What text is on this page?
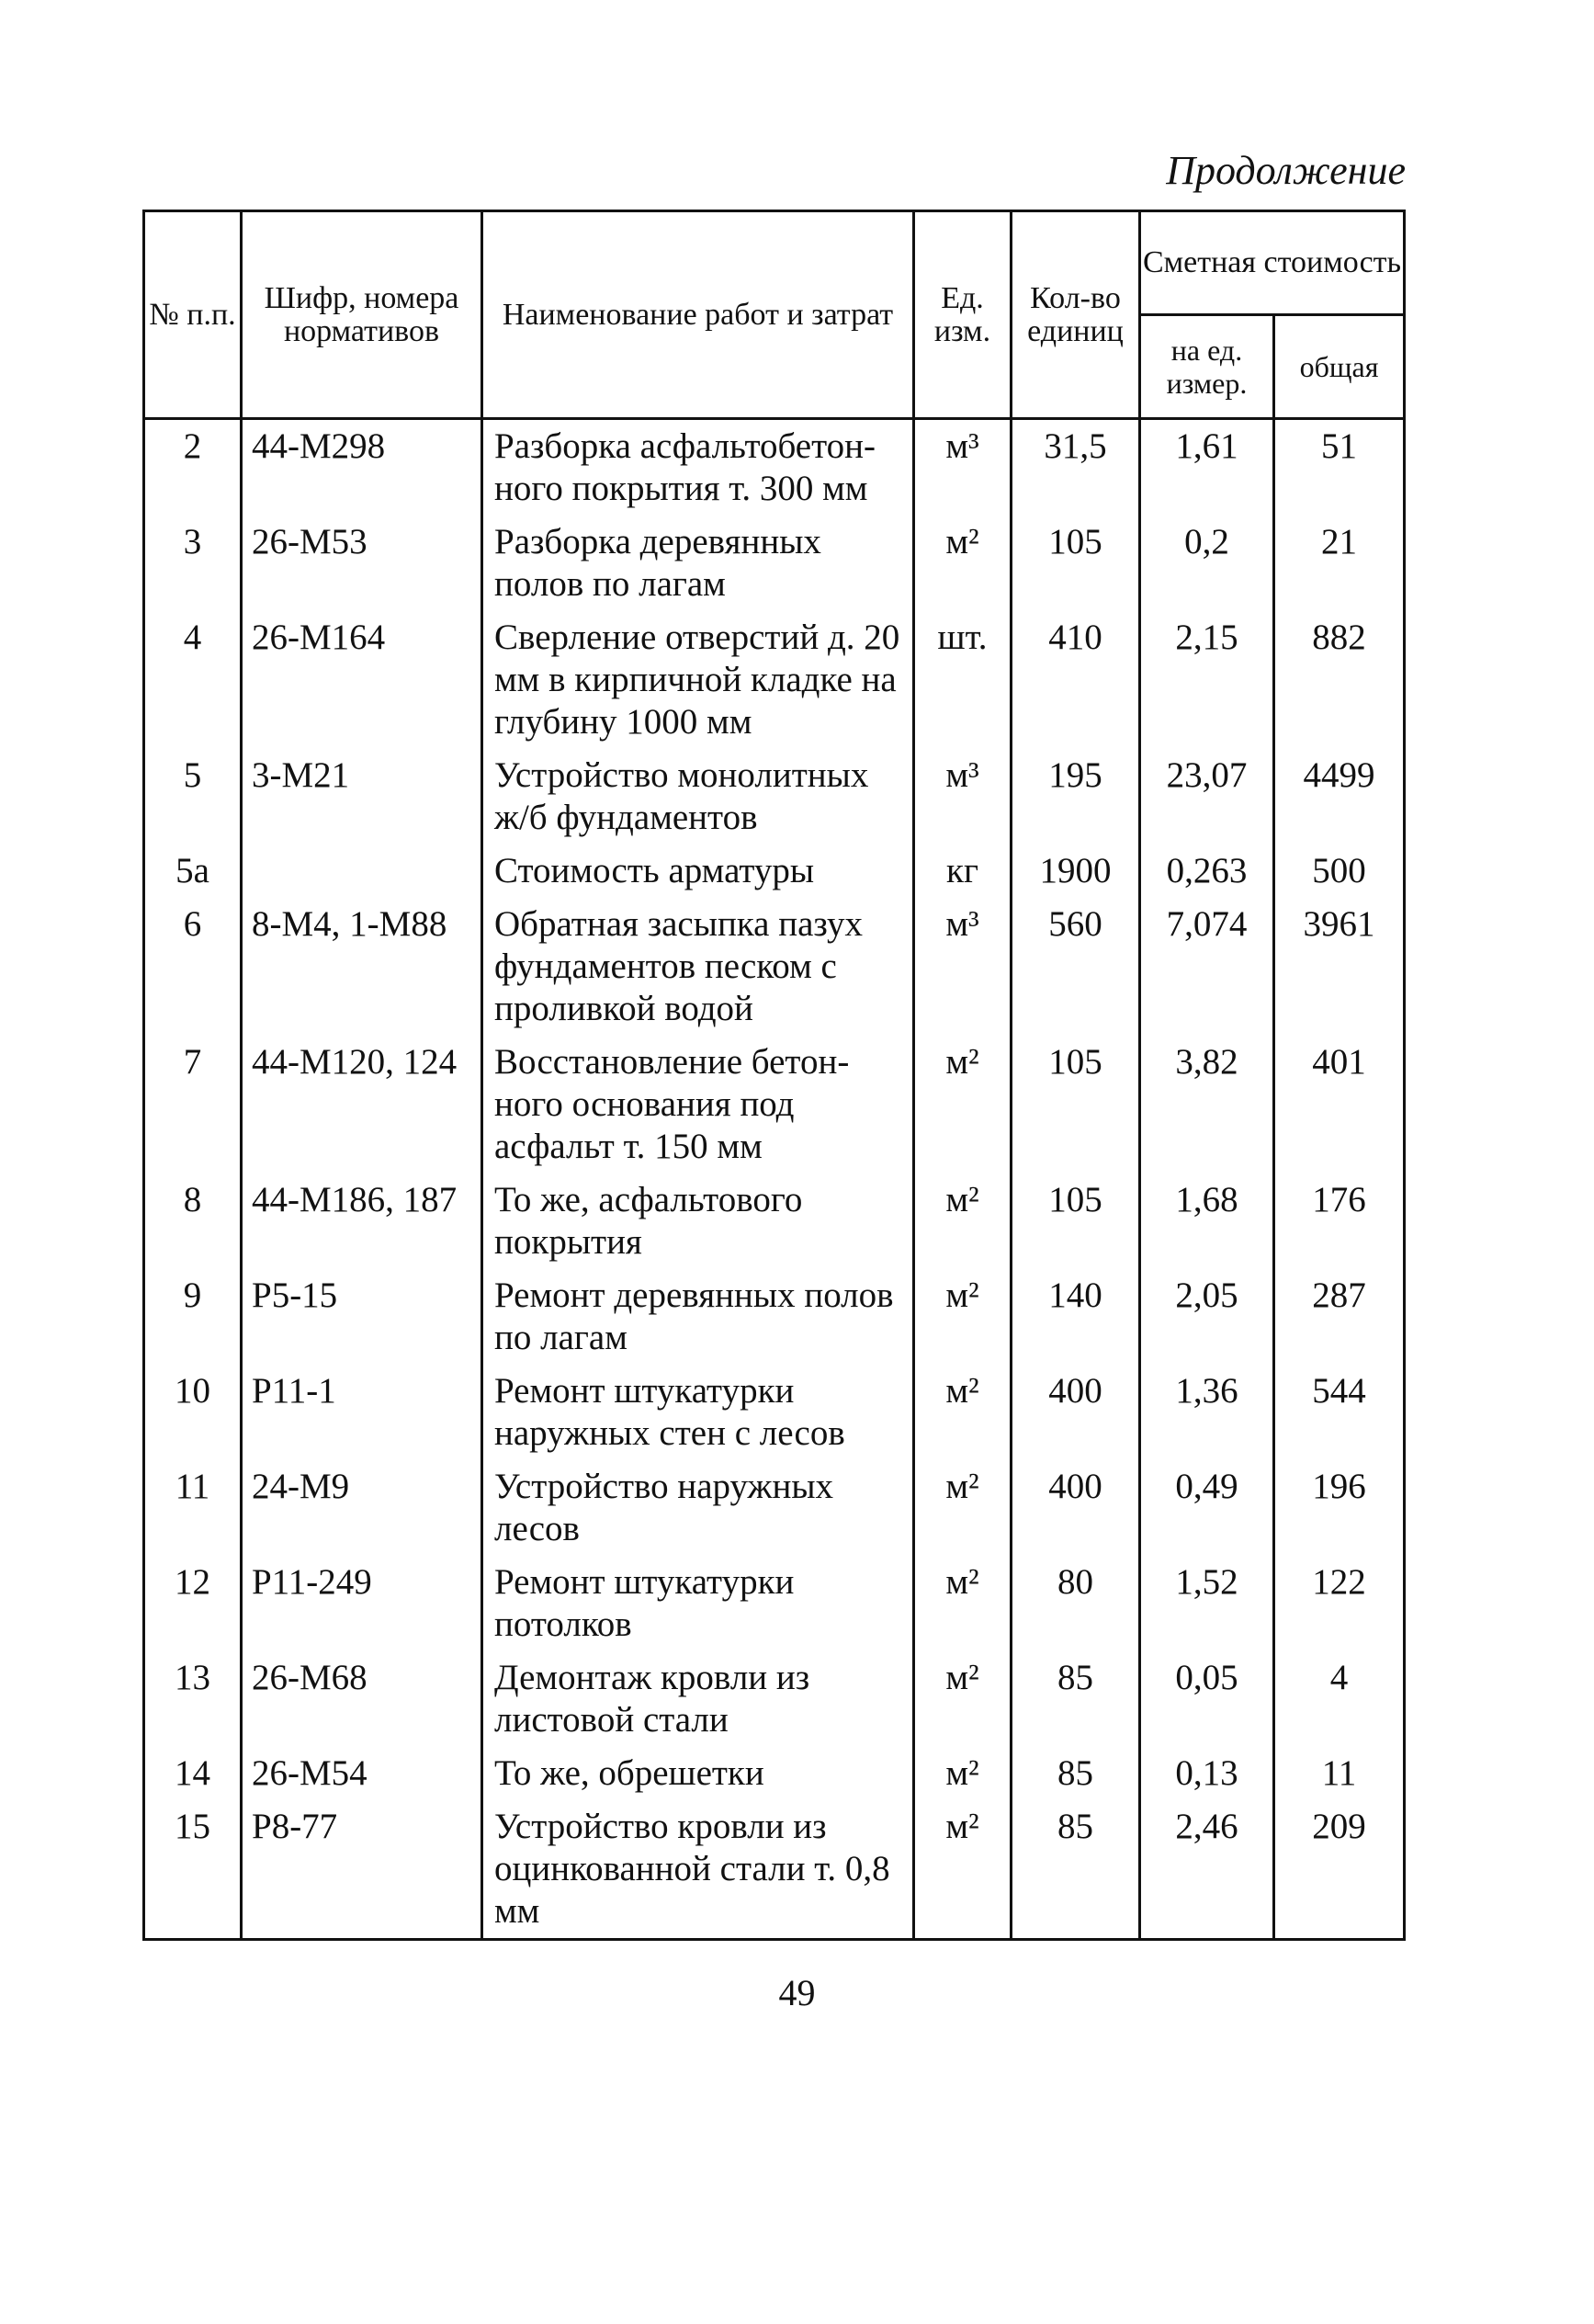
Продолжение
№ п.п.	Шифр, номера нормативов	Наименование работ и затрат	Ед. изм.	Кол-во единиц	Сметная стоимость	
					на ед. измер.	общая
2	44-М298	Разборка асфальтобетон-ного покрытия т. 300 мм	м³	31,5	1,61	51
3	26-М53	Разборка деревянных полов по лагам	м²	105	0,2	21
4	26-М164	Сверление отверстий д. 20 мм в кирпичной кладке на глубину 1000 мм	шт.	410	2,15	882
5	3-М21	Устройство монолитных ж/б фундаментов	м³	195	23,07	4499
5а		Стоимость арматуры	кг	1900	0,263	500
6	8-М4, 1-М88	Обратная засыпка пазух фундаментов песком с проливкой водой	м³	560	7,074	3961
7	44-М120, 124	Восстановление бетон-ного основания под асфальт т. 150 мм	м²	105	3,82	401
8	44-М186, 187	То же, асфальтового покрытия	м²	105	1,68	176
9	Р5-15	Ремонт деревянных полов по лагам	м²	140	2,05	287
10	Р11-1	Ремонт штукатурки наружных стен с лесов	м²	400	1,36	544
11	24-М9	Устройство наружных лесов	м²	400	0,49	196
12	Р11-249	Ремонт штукатурки потолков	м²	80	1,52	122
13	26-М68	Демонтаж кровли из листовой стали	м²	85	0,05	4
14	26-М54	То же, обрешетки	м²	85	0,13	11
15	Р8-77	Устройство кровли из оцинкованной стали т. 0,8 мм	м²	85	2,46	209
49
